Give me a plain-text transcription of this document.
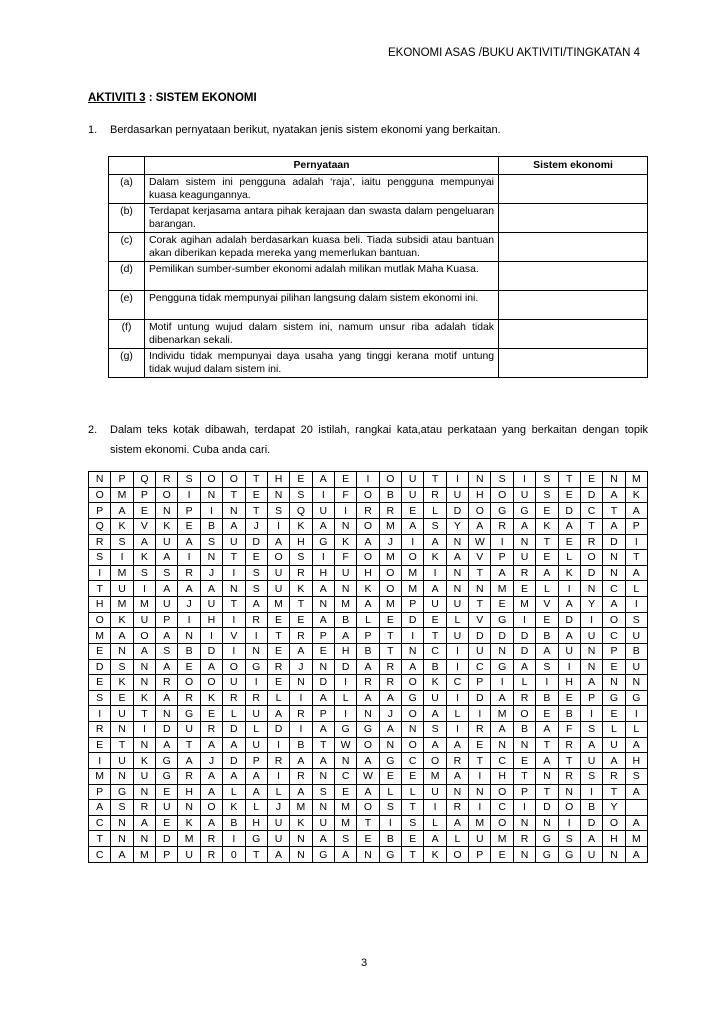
EKONOMI ASAS /BUKU AKTIVITI/TINGKATAN 4
AKTIVITI 3 : SISTEM EKONOMI
1. Berdasarkan pernyataan berikut, nyatakan jenis sistem ekonomi yang berkaitan.
	Pernyataan	Sistem ekonomi
(a)	Dalam sistem ini pengguna adalah ‘raja’, iaitu pengguna mempunyai kuasa keagungannya.	
(b)	Terdapat kerjasama antara pihak kerajaan dan swasta dalam pengeluaran barangan.	
(c)	Corak agihan adalah berdasarkan kuasa beli. Tiada subsidi atau bantuan akan diberikan kepada mereka yang memerlukan bantuan.	
(d)	Pemilikan sumber-sumber ekonomi adalah milikan mutlak Maha Kuasa.	
(e)	Pengguna tidak mempunyai pilihan langsung dalam sistem ekonomi ini.	
(f)	Motif untung wujud dalam sistem ini, namum unsur riba adalah tidak dibenarkan sekali.	
(g)	Individu tidak mempunyai daya usaha yang tinggi kerana motif untung tidak wujud dalam sistem ini.	
2. Dalam teks kotak dibawah, terdapat 20 istilah, rangkai kata,atau perkataan yang berkaitan dengan topik sistem ekonomi. Cuba anda cari.
N	P	Q	R	S	O	O	T	H	E	A	E	I	O	U	T	I	N	S	I	S	T	E	N	M
O	M	P	O	I	N	T	E	N	S	I	F	O	B	U	R	U	H	O	U	S	E	D	A	K
P	A	E	N	P	I	N	T	S	Q	U	I	R	R	E	L	D	O	G	G	E	D	C	T	A
Q	K	V	K	E	B	A	J	I	K	A	N	O	M	A	S	Y	A	R	A	K	A	T	A	P
R	S	A	U	A	S	U	D	A	H	G	K	A	J	I	A	N	W	I	N	T	E	R	D	I
S	I	K	A	I	N	T	E	O	S	I	F	O	M	O	K	A	V	P	U	E	L	O	N	T
I	M	S	S	R	J	I	S	U	R	H	U	H	O	M	I	N	T	A	R	A	K	D	N	A
T	U	I	A	A	A	N	S	U	K	A	N	K	O	M	A	N	N	M	E	L	I	N	C	L
H	M	M	U	J	U	T	A	M	T	N	M	A	M	P	U	U	T	E	M	V	A	Y	A	I
O	K	U	P	I	H	I	R	E	E	A	B	L	E	D	E	L	V	G	I	E	D	I	O	S
M	A	O	A	N	I	V	I	T	R	P	A	P	T	I	T	U	D	D	D	B	A	U	C	U
E	N	A	S	B	D	I	N	E	A	E	H	B	T	N	C	I	U	N	D	A	U	N	P	B
D	S	N	A	E	A	O	G	R	J	N	D	A	R	A	B	I	C	G	A	S	I	N	E	U
E	K	N	R	O	O	U	I	E	N	D	I	R	R	O	K	C	P	I	L	I	H	A	N	N
S	E	K	A	R	K	R	R	L	I	A	L	A	A	G	U	I	D	A	R	B	E	P	G	G
I	U	T	N	G	E	L	U	A	R	P	I	N	J	O	A	L	I	M	O	E	B	I	E	I
R	N	I	D	U	R	D	L	D	I	A	G	G	A	N	S	I	R	A	B	A	F	S	L	L
E	T	N	A	T	A	A	U	I	B	T	W	O	N	O	A	A	E	N	N	T	R	A	U	A
I	U	K	G	A	J	D	P	R	A	A	N	A	G	C	O	R	T	C	E	A	T	U	A	H
M	N	U	G	R	A	A	A	I	R	N	C	W	E	E	M	A	I	H	T	N	R	S	R	S
P	G	N	E	H	A	L	A	L	A	S	E	A	L	L	U	N	N	O	P	T	N	I	T	A
A	S	R	U	N	O	K	L	J	M	N	M	O	S	T	I	R	I	C	I	D	O	B	Y	
C	N	A	E	K	A	B	H	U	K	U	M	T	I	S	L	A	M	O	N	N	I	D	O	A
T	N	N	D	M	R	I	G	U	N	A	S	E	B	E	A	L	U	M	R	G	S	A	H	M
C	A	M	P	U	R	0	T	A	N	G	A	N	G	T	K	O	P	E	N	G	G	U	N	A
3
